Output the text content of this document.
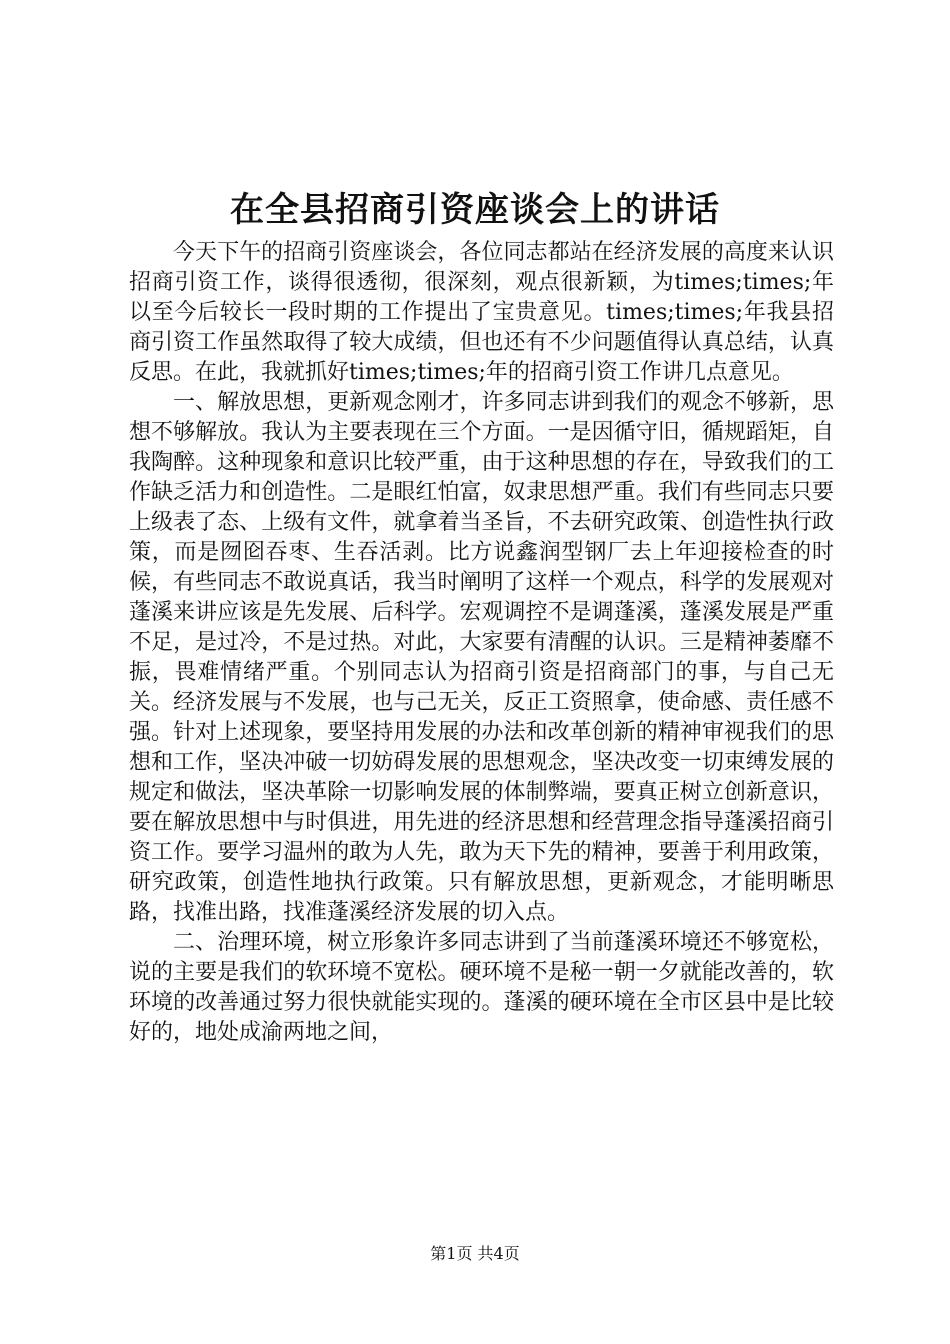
在全县招商引资座谈会上的讲话

今天下午的招商引资座谈会，各位同志都站在经济发展的高度来认识招商引资工作，谈得很透彻，很深刻，观点很新颖，为times;times;年以至今后较长一段时期的工作提出了宝贵意见。times;times;年我县招商引资工作虽然取得了较大成绩，但也还有不少问题值得认真总结，认真反思。在此，我就抓好times;times;年的招商引资工作讲几点意见。

一、解放思想，更新观念刚才，许多同志讲到我们的观念不够新，思想不够解放。我认为主要表现在三个方面。一是因循守旧，循规蹈矩，自我陶醉。这种现象和意识比较严重，由于这种思想的存在，导致我们的工作缺乏活力和创造性。二是眼红怕富，奴隶思想严重。我们有些同志只要上级表了态、上级有文件，就拿着当圣旨，不去研究政策、创造性执行政策，而是囫囵吞枣、生吞活剥。比方说鑫润型钢厂去上年迎接检查的时候，有些同志不敢说真话，我当时阐明了这样一个观点，科学的发展观对蓬溪来讲应该是先发展、后科学。宏观调控不是调蓬溪，蓬溪发展是严重不足，是过冷，不是过热。对此，大家要有清醒的认识。三是精神萎靡不振，畏难情绪严重。个别同志认为招商引资是招商部门的事，与自己无关。经济发展与不发展，也与己无关，反正工资照拿，使命感、责任感不强。针对上述现象，要坚持用发展的办法和改革创新的精神审视我们的思想和工作，坚决冲破一切妨碍发展的思想观念，坚决改变一切束缚发展的规定和做法，坚决革除一切影响发展的体制弊端，要真正树立创新意识，要在解放思想中与时俱进，用先进的经济思想和经营理念指导蓬溪招商引资工作。要学习温州的敢为人先，敢为天下先的精神，要善于利用政策，研究政策，创造性地执行政策。只有解放思想，更新观念，才能明晰思路，找准出路，找准蓬溪经济发展的切入点。

二、治理环境，树立形象许多同志讲到了当前蓬溪环境还不够宽松，说的主要是我们的软环境不宽松。硬环境不是秘一朝一夕就能改善的，软环境的改善通过努力很快就能实现的。蓬溪的硬环境在全市区县中是比较好的，地处成渝两地之间，

第1页 共4页
